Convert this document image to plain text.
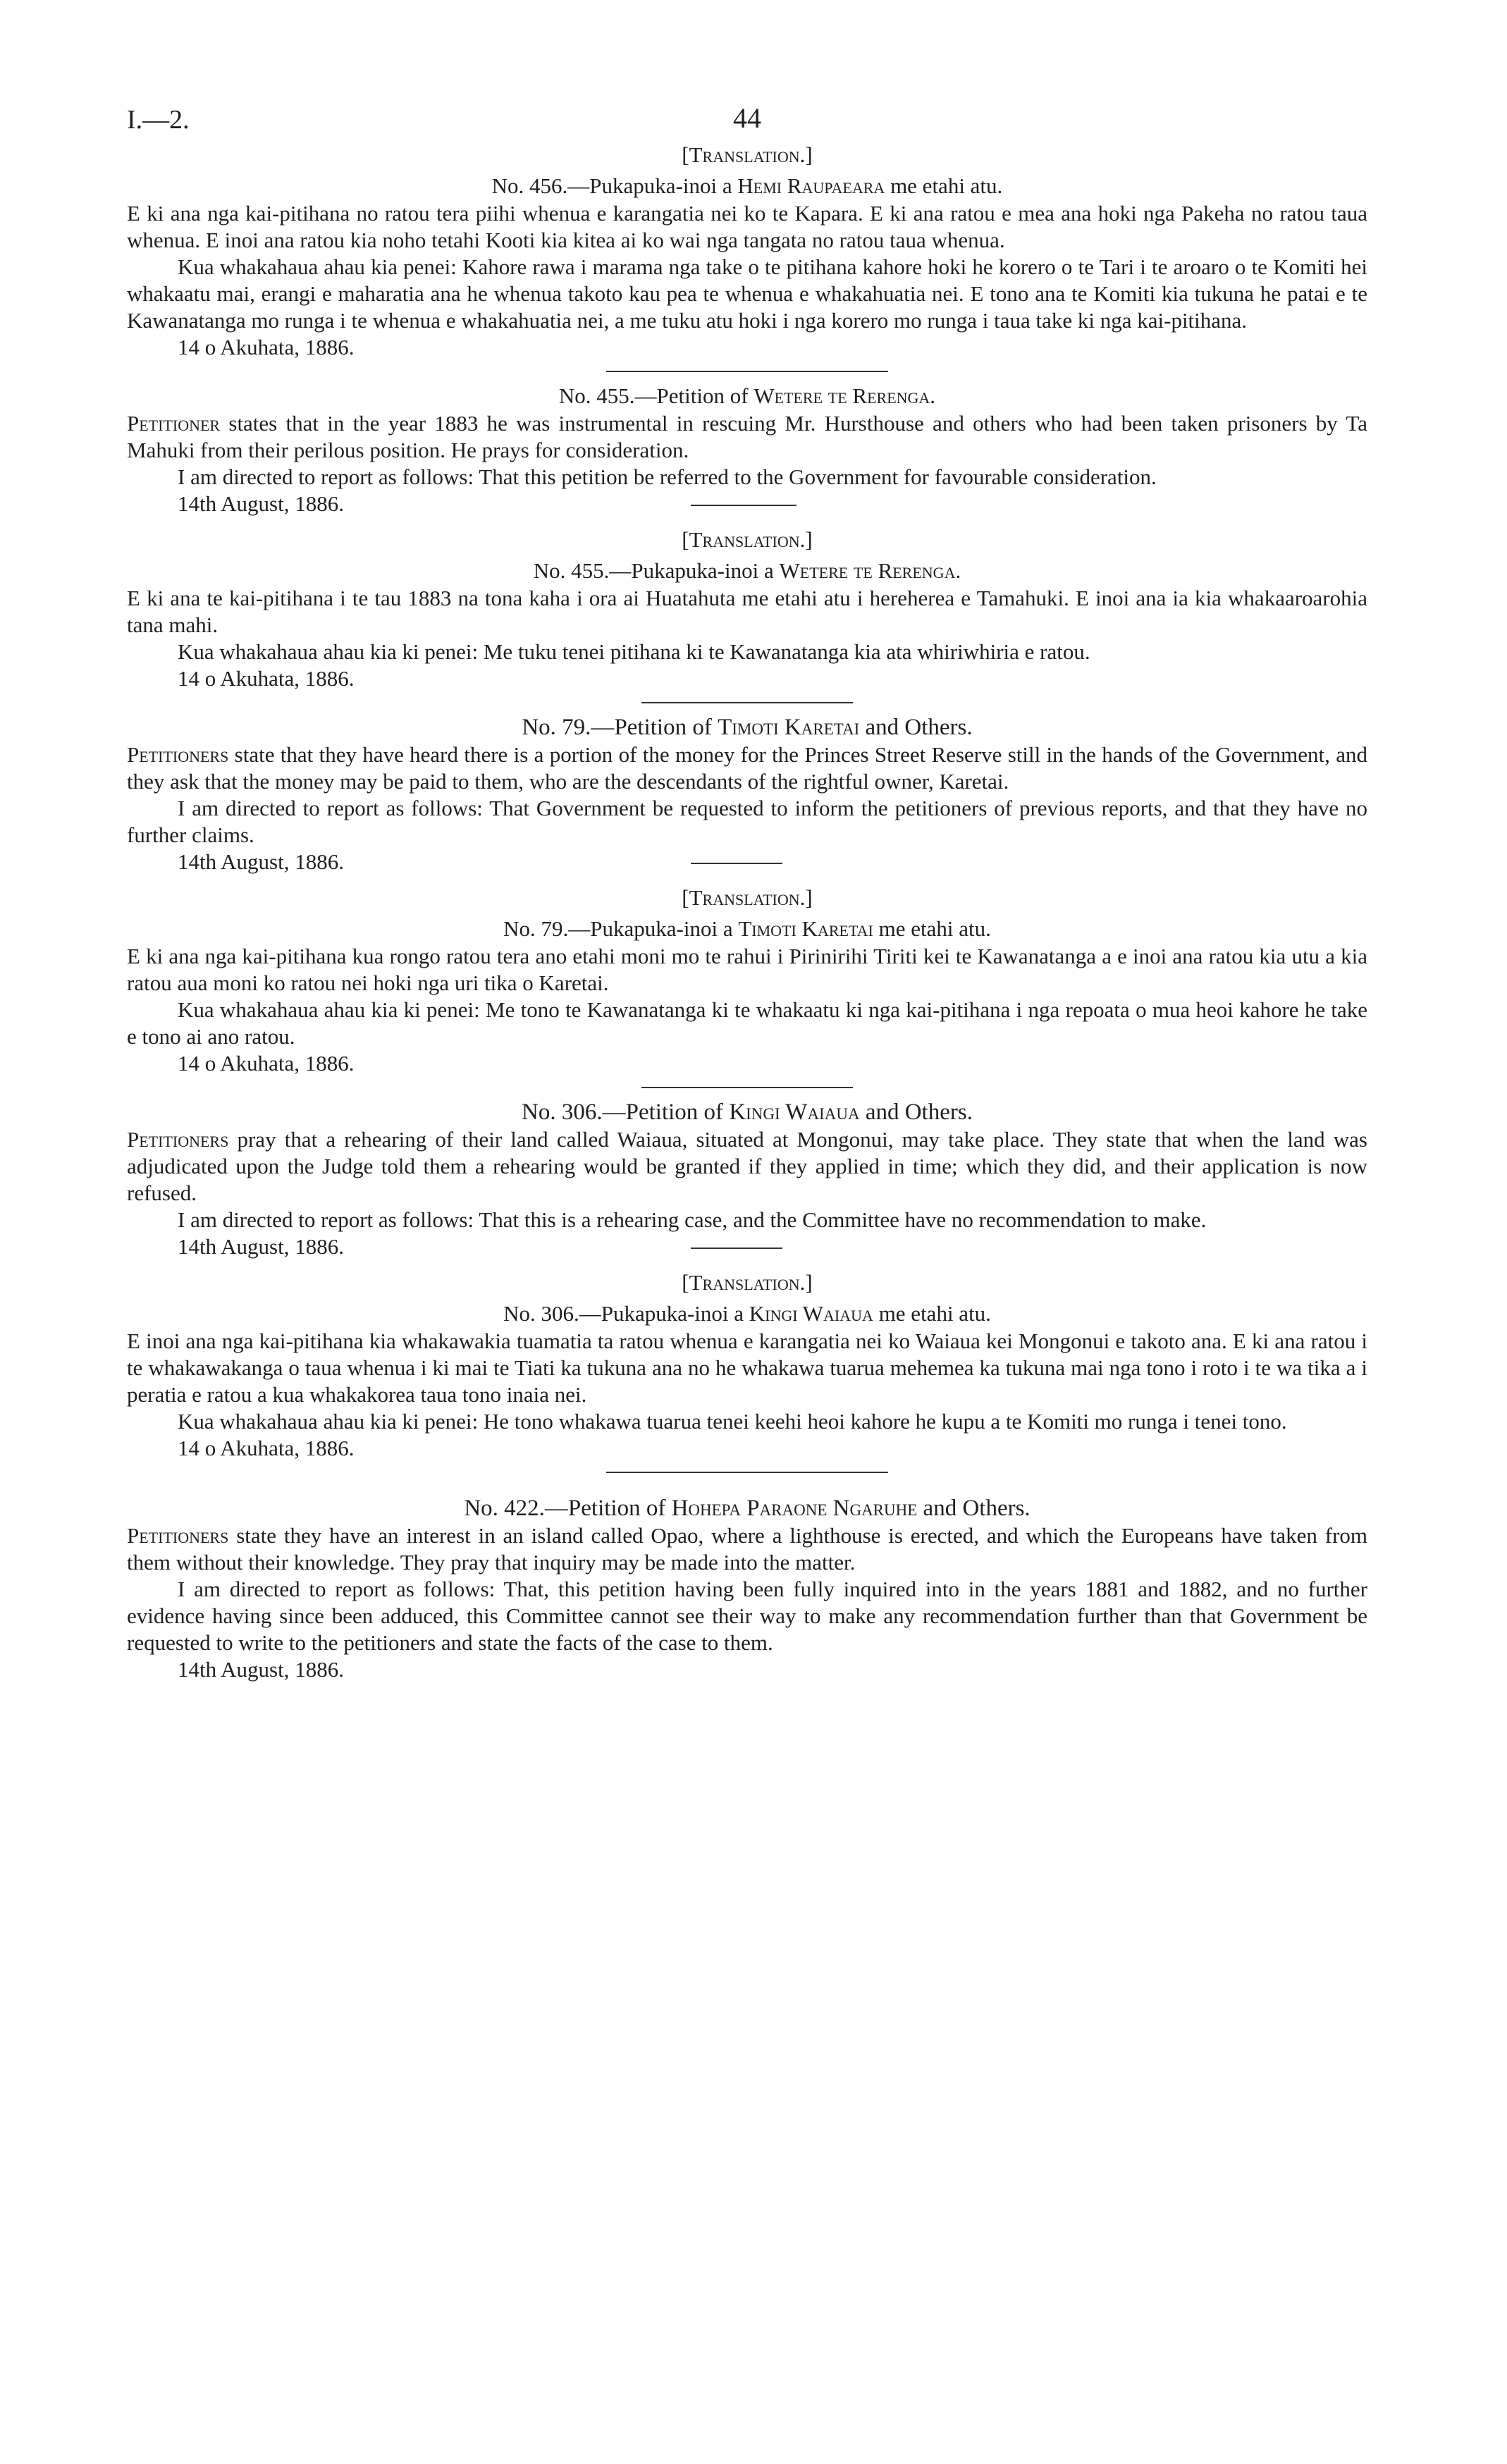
I.—2.	44
[Translation.]
No. 456.—Pukapuka-inoi a Hemi Raupaeara me etahi atu.

E ki ana nga kai-pitihana no ratou tera piihi whenua e karangatia nei ko te Kapara. E ki ana ratou e mea ana hoki nga Pakeha no ratou taua whenua. E inoi ana ratou kia noho tetahi Kooti kia kitea ai ko wai nga tangata no ratou taua whenua.

Kua whakahaua ahau kia penei: Kahore rawa i marama nga take o te pitihana kahore hoki he korero o te Tari i te aroaro o te Komiti hei whakaatu mai, erangi e maharatia ana he whenua takoto kau pea te whenua e whakahuatia nei. E tono ana te Komiti kia tukuna he patai e te Kawanatanga mo runga i te whenua e whakahuatia nei, a me tuku atu hoki i nga korero mo runga i taua take ki nga kai-pitihana.

14 o Akuhata, 1886.
No. 455.—Petition of Wetere te Rerenga.

Petitioner states that in the year 1883 he was instrumental in rescuing Mr. Hursthouse and others who had been taken prisoners by Ta Mahuki from their perilous position. He prays for consideration.

I am directed to report as follows: That this petition be referred to the Government for favourable consideration.

14th August, 1886.
[Translation.]
No. 455.—Pukapuka-inoi a Wetere te Rerenga.

E ki ana te kai-pitihana i te tau 1883 na tona kaha i ora ai Huatahuta me etahi atu i hereherea e Tamahuki. E inoi ana ia kia whakaaroarohia tana mahi.

Kua whakahaua ahau kia ki penei: Me tuku tenei pitihana ki te Kawanatanga kia ata whiriwhiria e ratou.

14 o Akuhata, 1886.
No. 79.—Petition of Timoti Karetai and Others.

Petitioners state that they have heard there is a portion of the money for the Princes Street Reserve still in the hands of the Government, and they ask that the money may be paid to them, who are the descendants of the rightful owner, Karetai.

I am directed to report as follows: That Government be requested to inform the petitioners of previous reports, and that they have no further claims.

14th August, 1886.
[Translation.]
No. 79.—Pukapuka-inoi a Timoti Karetai me etahi atu.

E ki ana nga kai-pitihana kua rongo ratou tera ano etahi moni mo te rahui i Pirinirihi Tiriti kei te Kawanatanga a e inoi ana ratou kia utu a kia ratou aua moni ko ratou nei hoki nga uri tika o Karetai.

Kua whakahaua ahau kia ki penei: Me tono te Kawanatanga ki te whakaatu ki nga kai-pitihana i nga repoata o mua heoi kahore he take e tono ai ano ratou.

14 o Akuhata, 1886.
No. 306.—Petition of Kingi Waiaua and Others.

Petitioners pray that a rehearing of their land called Waiaua, situated at Mongonui, may take place. They state that when the land was adjudicated upon the Judge told them a rehearing would be granted if they applied in time; which they did, and their application is now refused.

I am directed to report as follows: That this is a rehearing case, and the Committee have no recommendation to make.

14th August, 1886.
[Translation.]
No. 306.—Pukapuka-inoi a Kingi Waiaua me etahi atu.

E inoi ana nga kai-pitihana kia whakawakia tuamatia ta ratou whenua e karangatia nei ko Waiaua kei Mongonui e takoto ana. E ki ana ratou i te whakawakanga o taua whenua i ki mai te Tiati ka tukuna ana no he whakawa tuarua mehemea ka tukuna mai nga tono i roto i te wa tika a i peratia e ratou a kua whakakorea taua tono inaia nei.

Kua whakahaua ahau kia ki penei: He tono whakawa tuarua tenei keehi heoi kahore he kupu a te Komiti mo runga i tenei tono.

14 o Akuhata, 1886.
No. 422.—Petition of Hohepa Paraone Ngaruhe and Others.

Petitioners state they have an interest in an island called Opao, where a lighthouse is erected, and which the Europeans have taken from them without their knowledge. They pray that inquiry may be made into the matter.

I am directed to report as follows: That, this petition having been fully inquired into in the years 1881 and 1882, and no further evidence having since been adduced, this Committee cannot see their way to make any recommendation further than that Government be requested to write to the petitioners and state the facts of the case to them.

14th August, 1886.
